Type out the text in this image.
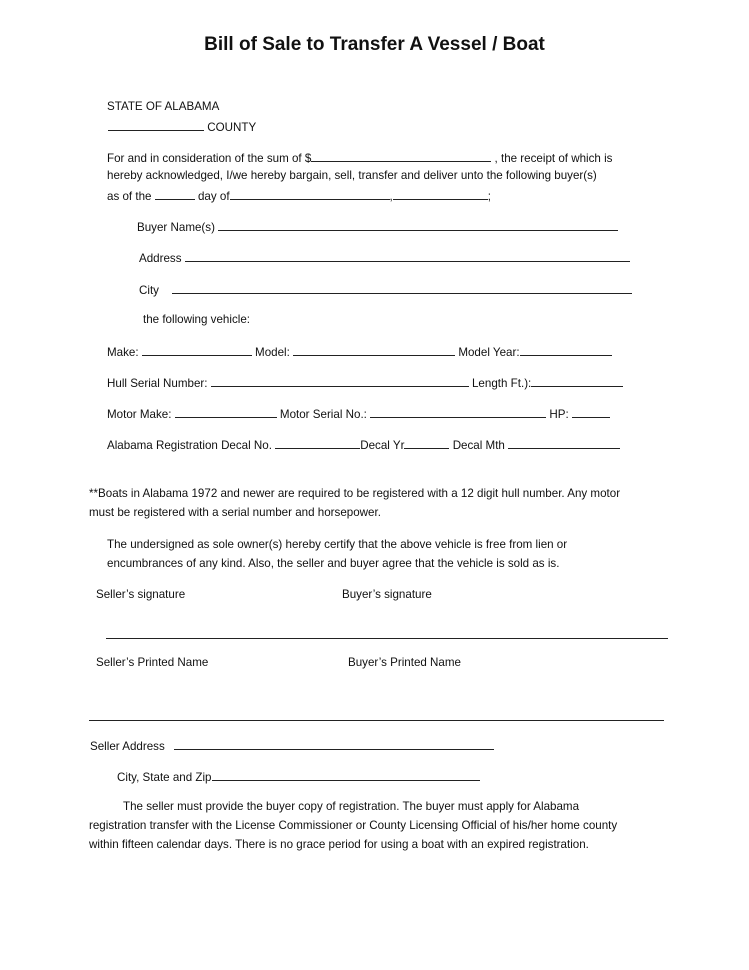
Bill of Sale to Transfer A Vessel / Boat
STATE OF ALABAMA
COUNTY
For and in consideration of the sum of $	, the receipt of which is
hereby acknowledged, I/we hereby bargain, sell, transfer and deliver unto the following buyer(s)
as of the	day of	,	;
Buyer Name(s)
Address
City
the following vehicle:
Make:	Model:	Model Year:
Hull Serial Number:	Length Ft.):
Motor Make:	Motor Serial No.:	HP:
Alabama Registration Decal No.	Decal Yr	Decal Mth
**Boats in Alabama 1972 and newer are required to be registered with a 12 digit hull number. Any motor
must be registered with a serial number and horsepower.
The undersigned as sole owner(s) hereby certify that the above vehicle is free from lien or
encumbrances of any kind. Also, the seller and buyer agree that the vehicle is sold as is.
Seller’s signature	Buyer’s signature
Seller’s Printed Name	Buyer’s Printed Name
Seller Address
City, State and Zip
The seller must provide the buyer copy of registration. The buyer must apply for Alabama
registration transfer with the License Commissioner or County Licensing Official of his/her home county
within fifteen calendar days. There is no grace period for using a boat with an expired registration.
